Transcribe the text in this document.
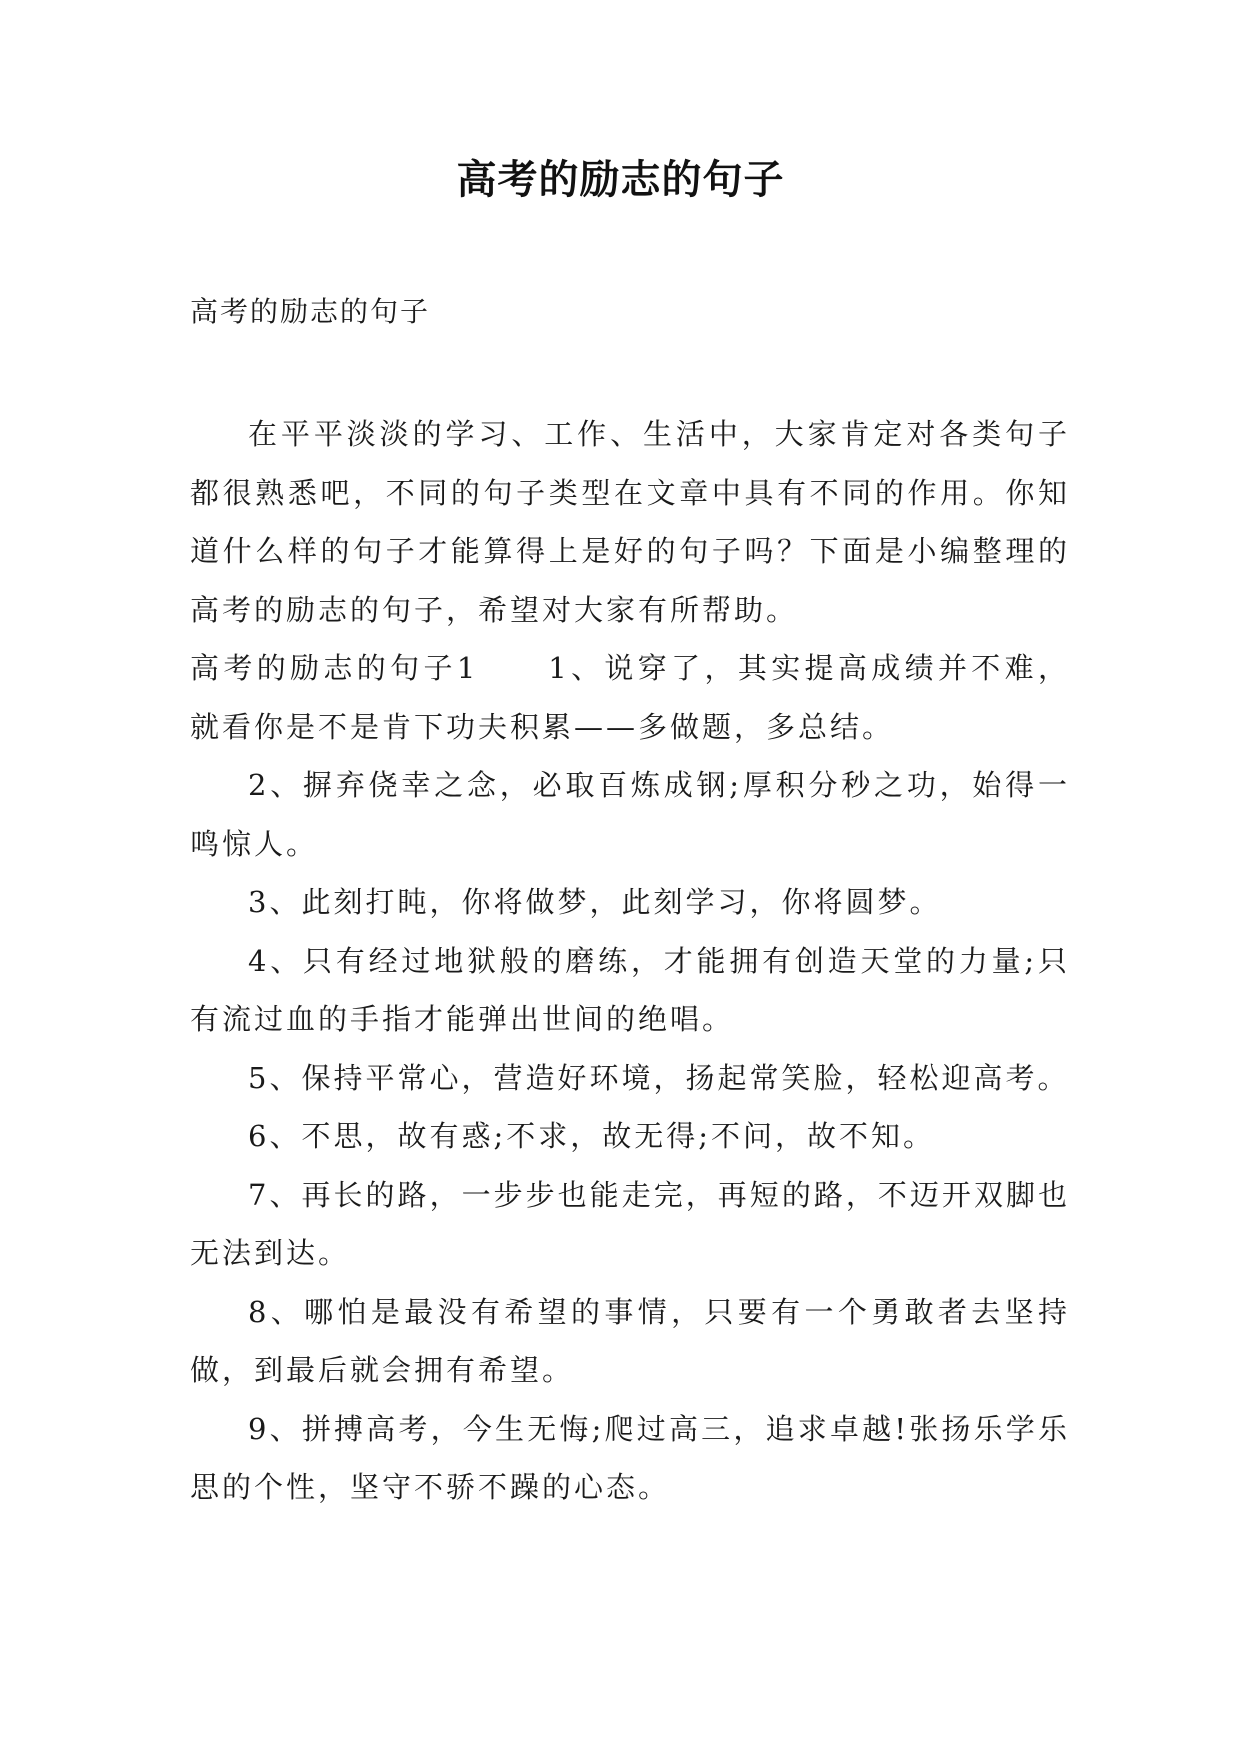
高考的励志的句子
高考的励志的句子

在平平淡淡的学习、工作、生活中，大家肯定对各类句子都很熟悉吧，不同的句子类型在文章中具有不同的作用。你知道什么样的句子才能算得上是好的句子吗？下面是小编整理的高考的励志的句子，希望对大家有所帮助。

高考的励志的句子1 1、说穿了，其实提高成绩并不难，就看你是不是肯下功夫积累——多做题，多总结。

2、摒弃侥幸之念，必取百炼成钢;厚积分秒之功，始得一鸣惊人。

3、此刻打盹，你将做梦，此刻学习，你将圆梦。

4、只有经过地狱般的磨练，才能拥有创造天堂的力量;只有流过血的手指才能弹出世间的绝唱。

5、保持平常心，营造好环境，扬起常笑脸，轻松迎高考。

6、不思，故有惑;不求，故无得;不问，故不知。

7、再长的路，一步步也能走完，再短的路，不迈开双脚也无法到达。

8、哪怕是最没有希望的事情，只要有一个勇敢者去坚持做，到最后就会拥有希望。

9、拼搏高考，今生无悔;爬过高三，追求卓越!张扬乐学乐思的个性，坚守不骄不躁的心态。
